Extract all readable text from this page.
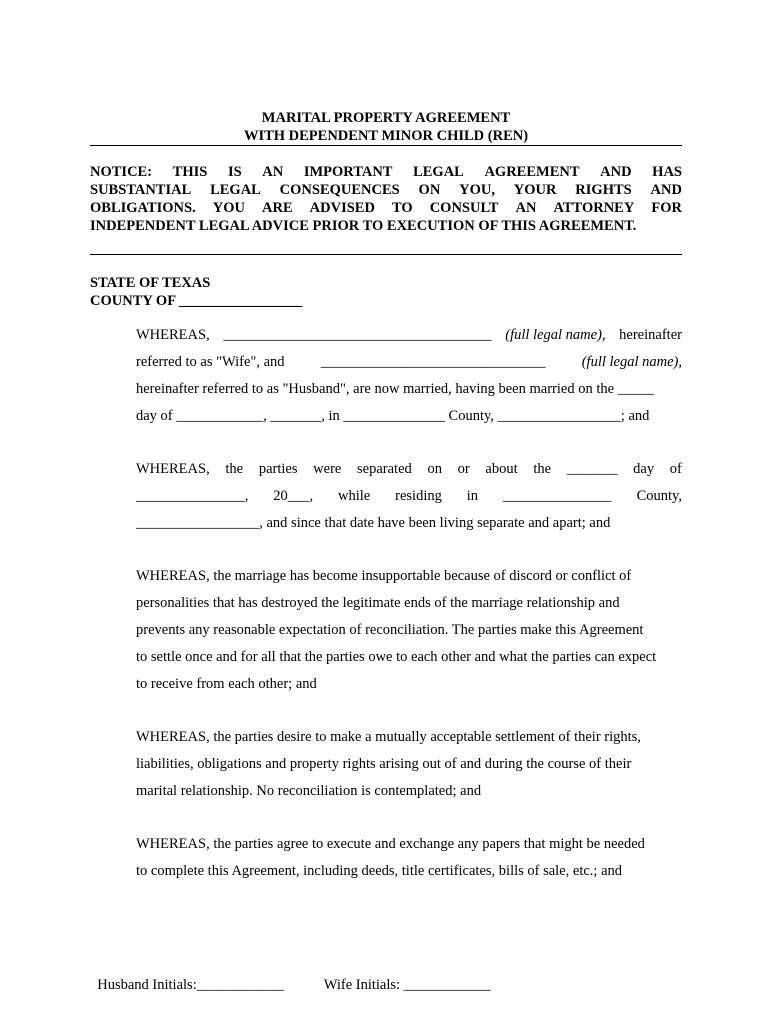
MARITAL PROPERTY AGREEMENT
WITH DEPENDENT MINOR CHILD (REN)
NOTICE: THIS IS AN IMPORTANT LEGAL AGREEMENT AND HAS
SUBSTANTIAL LEGAL CONSEQUENCES ON YOU, YOUR RIGHTS AND
OBLIGATIONS. YOU ARE ADVISED TO CONSULT AN ATTORNEY FOR
INDEPENDENT LEGAL ADVICE PRIOR TO EXECUTION OF THIS AGREEMENT.
STATE OF TEXAS
COUNTY OF _________________
WHEREAS, _____________________________________ (full legal name), hereinafter
referred to as "Wife", and _______________________________ (full legal name),
hereinafter referred to as "Husband", are now married, having been married on the _____
day of ____________, _______, in ______________ County, _________________; and
WHEREAS, the parties were separated on or about the _______ day of
_______________, 20___, while residing in _______________ County,
_________________, and since that date have been living separate and apart; and
WHEREAS, the marriage has become insupportable because of discord or conflict of
personalities that has destroyed the legitimate ends of the marriage relationship and
prevents any reasonable expectation of reconciliation. The parties make this Agreement
to settle once and for all that the parties owe to each other and what the parties can expect
to receive from each other; and
WHEREAS, the parties desire to make a mutually acceptable settlement of their rights,
liabilities, obligations and property rights arising out of and during the course of their
marital relationship. No reconciliation is contemplated; and
WHEREAS, the parties agree to execute and exchange any papers that might be needed
to complete this Agreement, including deeds, title certificates, bills of sale, etc.; and

Husband Initials:____________	Wife Initials: ____________
